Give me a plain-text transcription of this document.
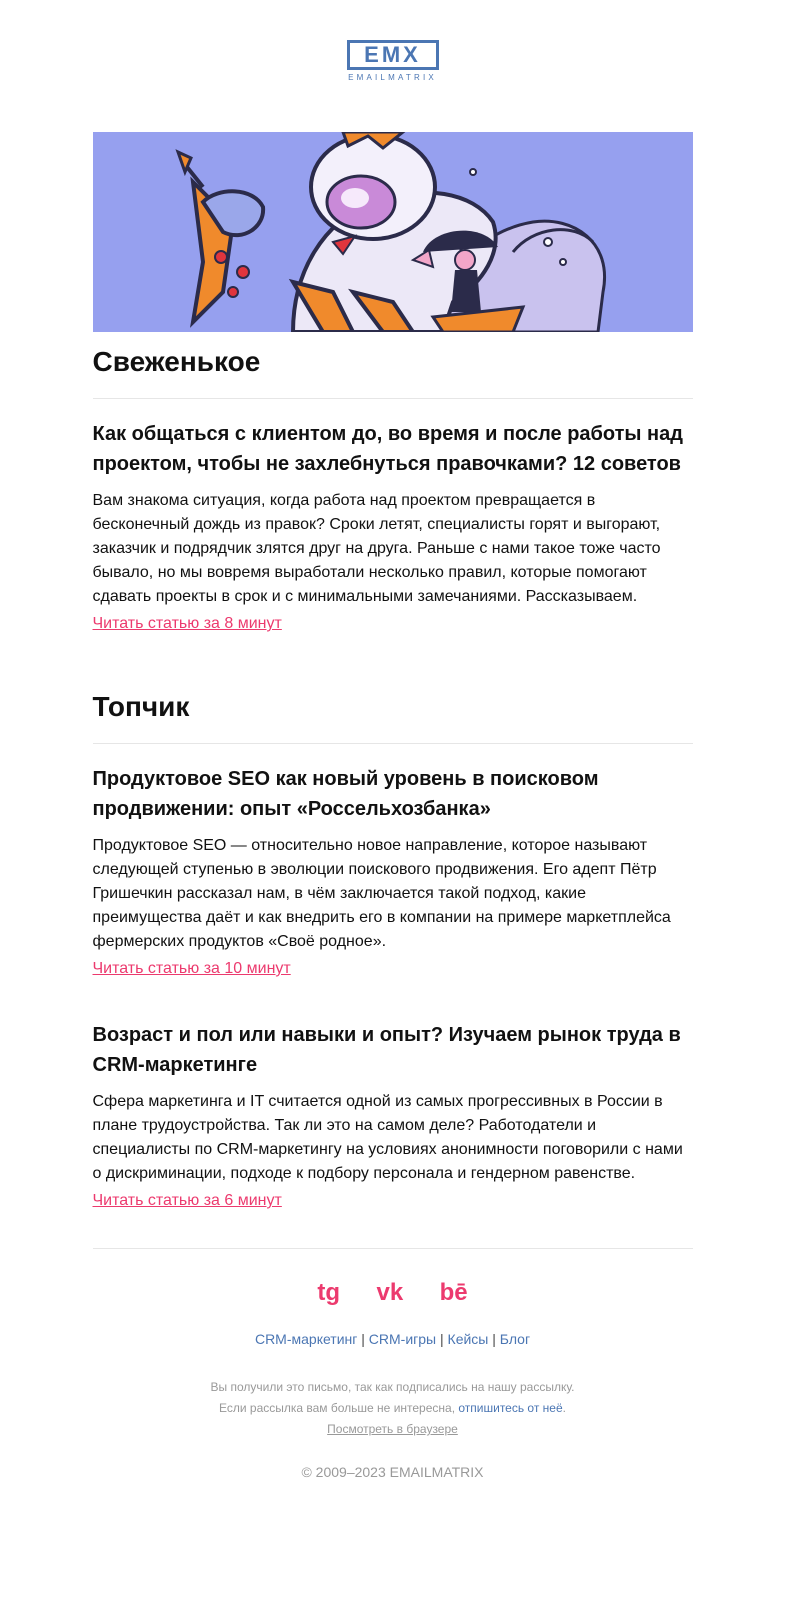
EMX
EMAILMATRIX
Свеженькое
Как общаться с клиентом до, во время и после работы над проектом, чтобы не захлебнуться правочками? 12 советов

Вам знакома ситуация, когда работа над проектом превращается в бесконечный дождь из правок? Сроки летят, специалисты горят и выгорают, заказчик и подрядчик злятся друг на друга. Раньше с нами такое тоже часто бывало, но мы вовремя выработали несколько правил, которые помогают сдавать проекты в срок и с минимальными замечаниями. Рассказываем.

Читать статью за 8 минут
Топчик
Продуктовое SEO как новый уровень в поисковом продвижении: опыт «Россельхозбанка»

Продуктовое SEO — относительно новое направление, которое называют следующей ступенью в эволюции поискового продвижения. Его адепт Пётр Гришечкин рассказал нам, в чём заключается такой подход, какие преимущества даёт и как внедрить его в компании на примере маркетплейса фермерских продуктов «Своё родное».

Читать статью за 10 минут
Возраст и пол или навыки и опыт? Изучаем рынок труда в CRM-маркетинге

Сфера маркетинга и IT считается одной из самых прогрессивных в России в плане трудоустройства. Так ли это на самом деле? Работодатели и специалисты по CRM-маркетингу на условиях анонимности поговорили с нами о дискриминации, подходе к подбору персонала и гендерном равенстве.

Читать статью за 6 минут
tg vk bē
CRM-маркетинг | CRM-игры | Кейсы | Блог
Вы получили это письмо, так как подписались на нашу рассылку.
Если рассылка вам больше не интересна, отпишитесь от неё.
Посмотреть в браузере
© 2009–2023 EMAILMATRIX
